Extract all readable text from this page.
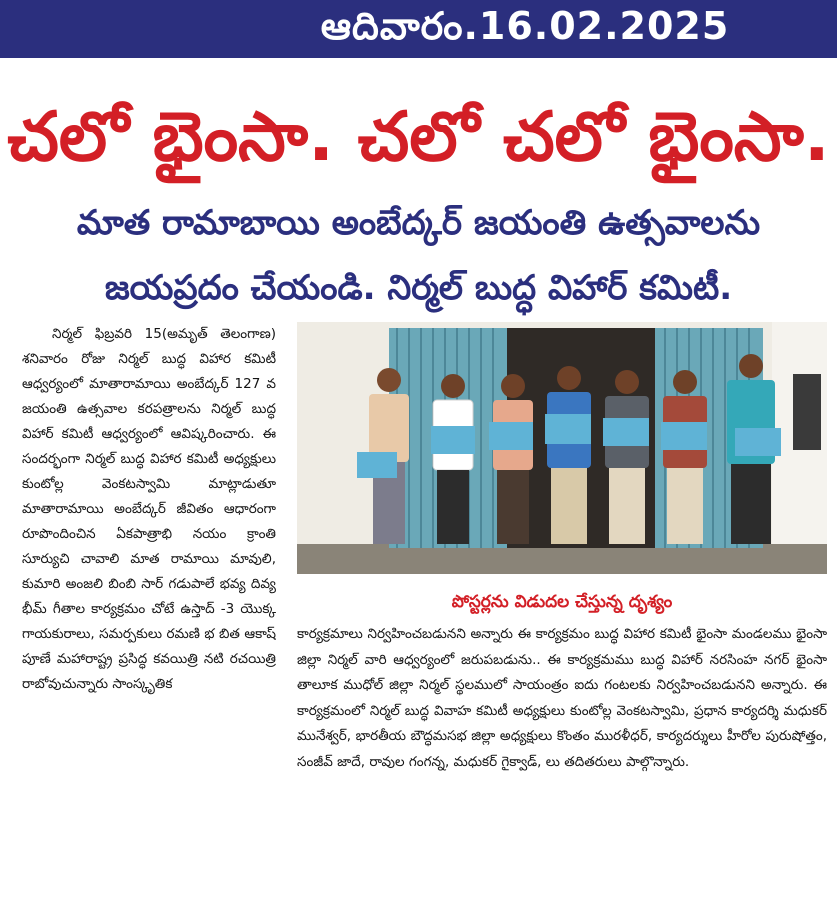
ఆదివారం.16.02.2025
చలో భైంసా. చలో చలో భైంసా.
మాత రామాబాయి అంబేద్కర్ జయంతి ఉత్సవాలను
జయప్రదం చేయండి. నిర్మల్ బుద్ధ విహార్ కమిటీ.
నిర్మల్ ఫిబ్రవరి 15(అమృత్ తెలంగాణ) శనివారం రోజు నిర్మల్ బుద్ధ విహార కమిటీ ఆధ్వర్యంలో మాతారామాయి అంబేద్కర్ 127 వ జయంతి ఉత్సవాల కరపత్రాలను నిర్మల్ బుద్ధ విహార్ కమిటీ ఆధ్వర్యంలో ఆవిష్కరించారు. ఈ సందర్భంగా నిర్మల్ బుద్ధ విహార కమిటీ అధ్యక్షులు కుంటోల్ల వెంకటస్వామి మాట్లాడుతూ మాతారామాయి అంబేద్కర్ జీవితం ఆధారంగా రూపొందించిన ఏకపాత్రాభి నయం క్రాంతి సూర్యుచి చావాలి మాత రామాయి మావులి, కుమారి అంజలి బింబి సార్ గడుపాలే భవ్య దివ్య భీమ్ గీతాల కార్యక్రమం చోటే ఉస్తాద్ -3 యొక్క గాయకురాలు, సమర్పకులు రమణి భ బిత ఆకాష్ పూణే మహారాష్ట్ర ప్రసిద్ధ కవయిత్రి నటి రచయిత్రి రాబోవుచున్నారు సాంస్కృతిక
పోస్టర్లను విడుదల చేస్తున్న దృశ్యం
కార్యక్రమాలు నిర్వహించబడునని అన్నారు ఈ కార్యక్రమం బుద్ధ విహార కమిటీ భైంసా మండలము భైంసా జిల్లా నిర్మల్ వారి ఆధ్వర్యంలో జరుపబడును.. ఈ కార్యక్రమము బుద్ధ విహార్ నరసింహ నగర్ భైంసా తాలూక ముధోల్ జిల్లా నిర్మల్ స్థలములో సాయంత్రం ఐదు గంటలకు నిర్వహించబడునని అన్నారు. ఈ కార్యక్రమంలో నిర్మల్ బుద్ధ వివాహ కమిటీ అధ్యక్షులు కుంటోల్ల వెంకటస్వామి, ప్రధాన కార్యదర్శి మధుకర్ మునేశ్వర్, భారతీయ బౌద్ధమసభ జిల్లా అధ్యక్షులు కొంతం మురళీధర్, కార్యదర్శులు హీరోల పురుషోత్తం, సంజీవ్ జాదే, రావుల గంగన్న, మధుకర్ గైక్వాడ్, లు తదితరులు పాల్గొన్నారు.
